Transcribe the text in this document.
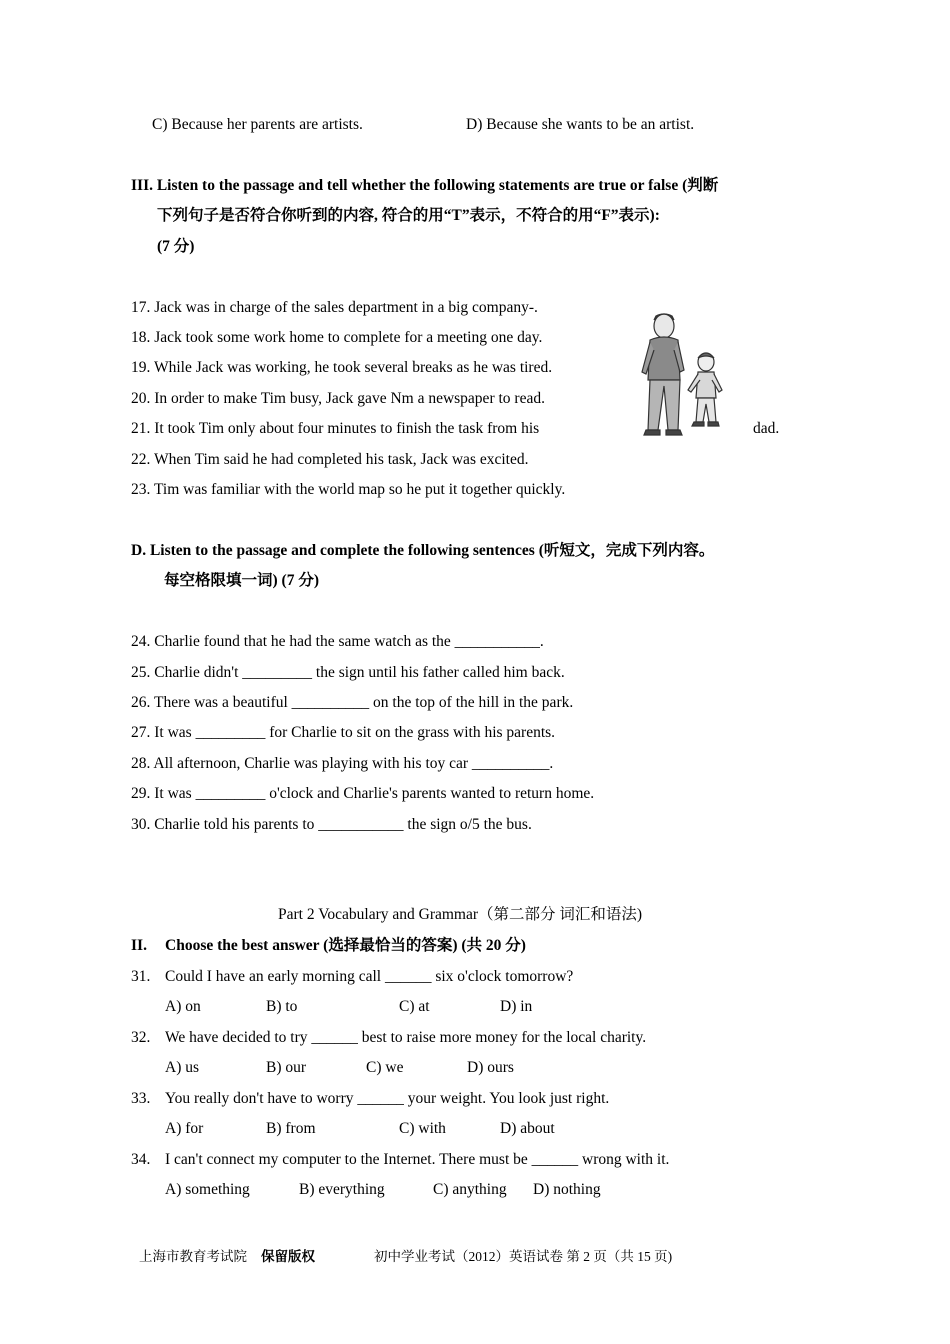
C) Because her parents are artists.	D) Because she wants to be an artist.
III. Listen to the passage and tell whether the following statements are true or false (判断
下列句子是否符合你听到的内容, 符合的用“T”表示，不符合的用“F”表示):
(7 分)
17. Jack was in charge of the sales department in a big company-.
18. Jack took some work home to complete for a meeting one day.
19. While Jack was working, he took several breaks as he was tired.
20. In order to make Tim busy, Jack gave Nm a newspaper to read.
21. It took Tim only about four minutes to finish the task from his	dad.
22. When Tim said he had completed his task, Jack was excited.
23. Tim was familiar with the world map so he put it together quickly.
D. Listen to the passage and complete the following sentences (听短文，完成下列内容。
每空格限填一词) (7 分)
24. Charlie found that he had the same watch as the ___________.
25. Charlie didn't _________ the sign until his father called him back.
26. There was a beautiful __________ on the top of the hill in the park.
27. It was _________ for Charlie to sit on the grass with his parents.
28. All afternoon, Charlie was playing with his toy car __________.
29. It was _________ o'clock and Charlie's parents wanted to return home.
30. Charlie told his parents to ___________ the sign o/5 the bus.
Part 2 Vocabulary and Grammar（第二部分 词汇和语法)
II. Choose the best answer (选择最恰当的答案) (共 20 分)
31. Could I have an early morning call ______ six o'clock tomorrow?
A) on	B) to	C) at	D) in
32. We have decided to try ______ best to raise more money for the local charity.
A) us	B) our	C) we	D) ours
33. You really don't have to worry ______ your weight. You look just right.
A) for	B) from	C) with	D) about
34. I can't connect my computer to the Internet. There must be ______ wrong with it.
A) something	B) everything	C) anything D) nothing
上海市教育考试院 保留版权	初中学业考试（2012）英语试卷 第 2 页（共 15 页)
